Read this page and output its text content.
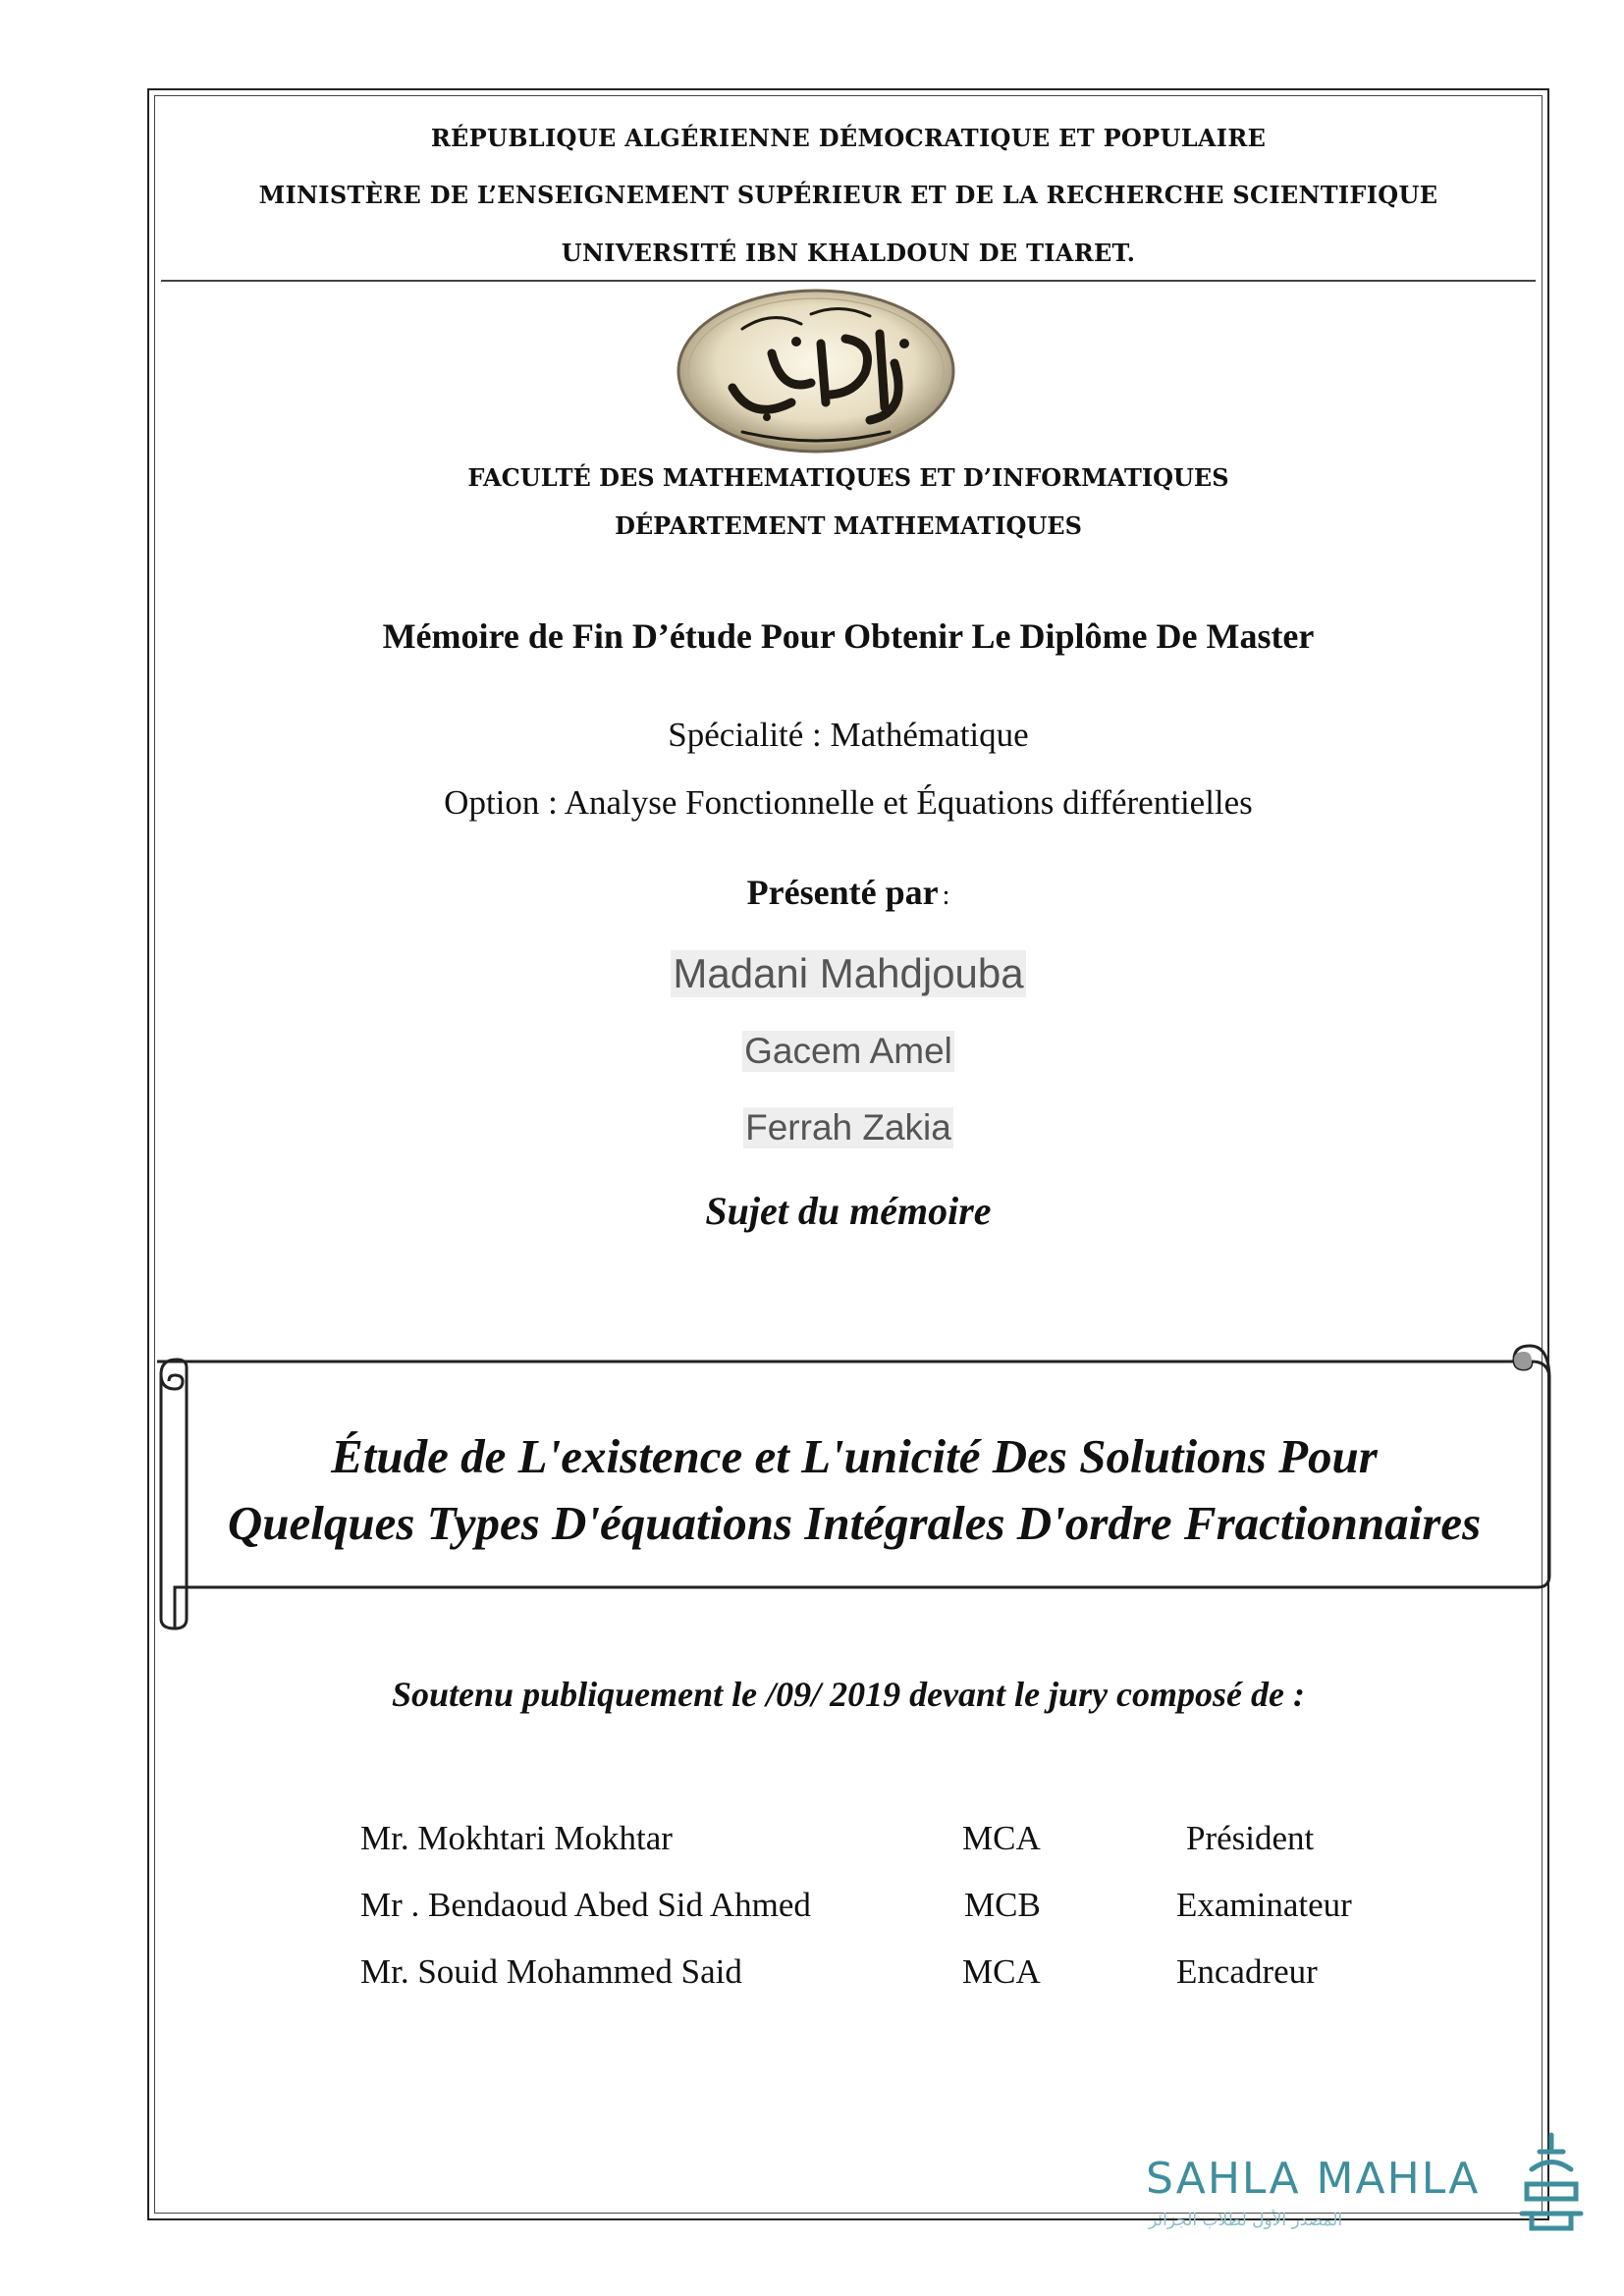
RÉPUBLIQUE ALGÉRIENNE DÉMOCRATIQUE ET POPULAIRE
MINISTÈRE DE L’ENSEIGNEMENT SUPÉRIEUR ET DE LA RECHERCHE SCIENTIFIQUE
UNIVERSITÉ IBN KHALDOUN DE TIARET.
FACULTÉ DES MATHEMATIQUES ET D’INFORMATIQUES
DÉPARTEMENT MATHEMATIQUES
Mémoire de Fin D’étude Pour Obtenir Le Diplôme De Master
Spécialité : Mathématique
Option : Analyse Fonctionnelle et Équations différentielles
Présenté par :
Madani Mahdjouba
Gacem Amel
Ferrah Zakia
Sujet du mémoire
Étude de L'existence et L'unicité Des Solutions Pour
Quelques Types D'équations Intégrales D'ordre Fractionnaires
Soutenu publiquement le /09/ 2019 devant le jury composé de :
Mr. Mokhtari Mokhtar	MCA	Président
Mr . Bendaoud Abed Sid Ahmed	MCB	Examinateur
Mr. Souid Mohammed Said	MCA	Encadreur
SAHLA MAHLA
المصدر الأول لطلاب الجزائر
